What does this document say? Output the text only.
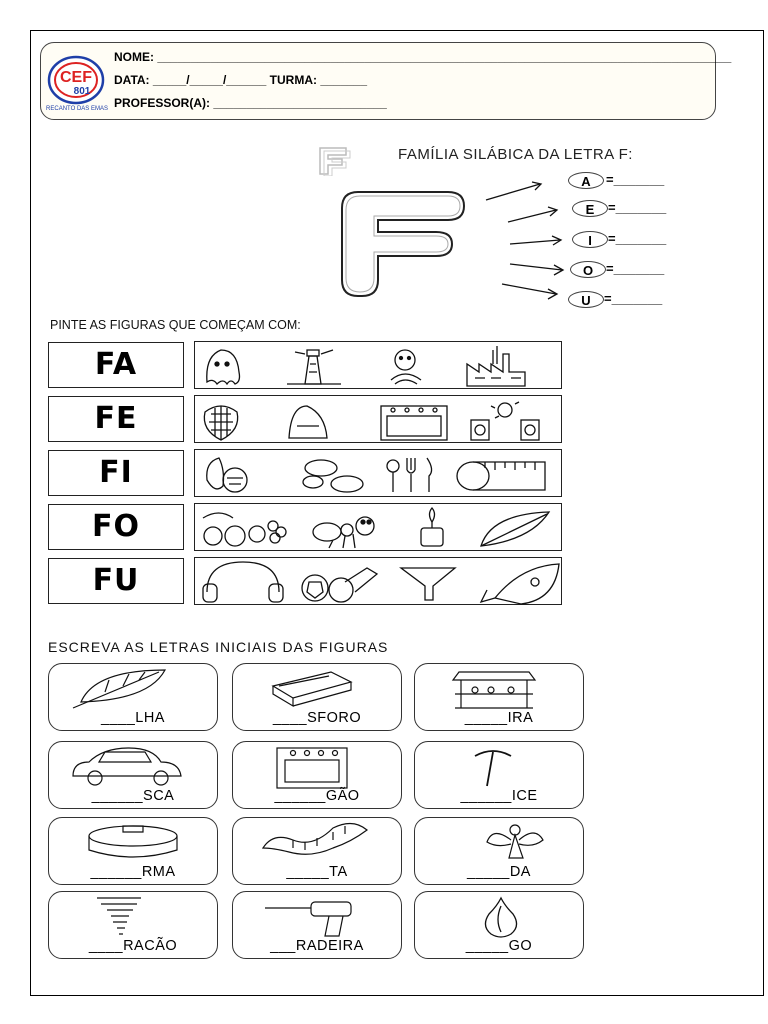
CEF
801
RECANTO DAS EMAS
NOME: ______________________________________________________________________________________
DATA: _____/_____/______ TURMA: _______
PROFESSOR(A): __________________________
FAMÍLIA SILÁBICA DA LETRA F:
A	=_______
E	=_______
I	=_______
O =_______
U	=_______
PINTE AS FIGURAS QUE COMEÇAM COM:
FA
FE
FI
FO
FU
ESCREVA AS LETRAS INICIAIS DAS FIGURAS
____LHA	____SFORO	_____IRA
______SCA	______GÃO	______ICE
______RMA	_____TA	_____DA
____RACÃO	___RADEIRA	_____GO
